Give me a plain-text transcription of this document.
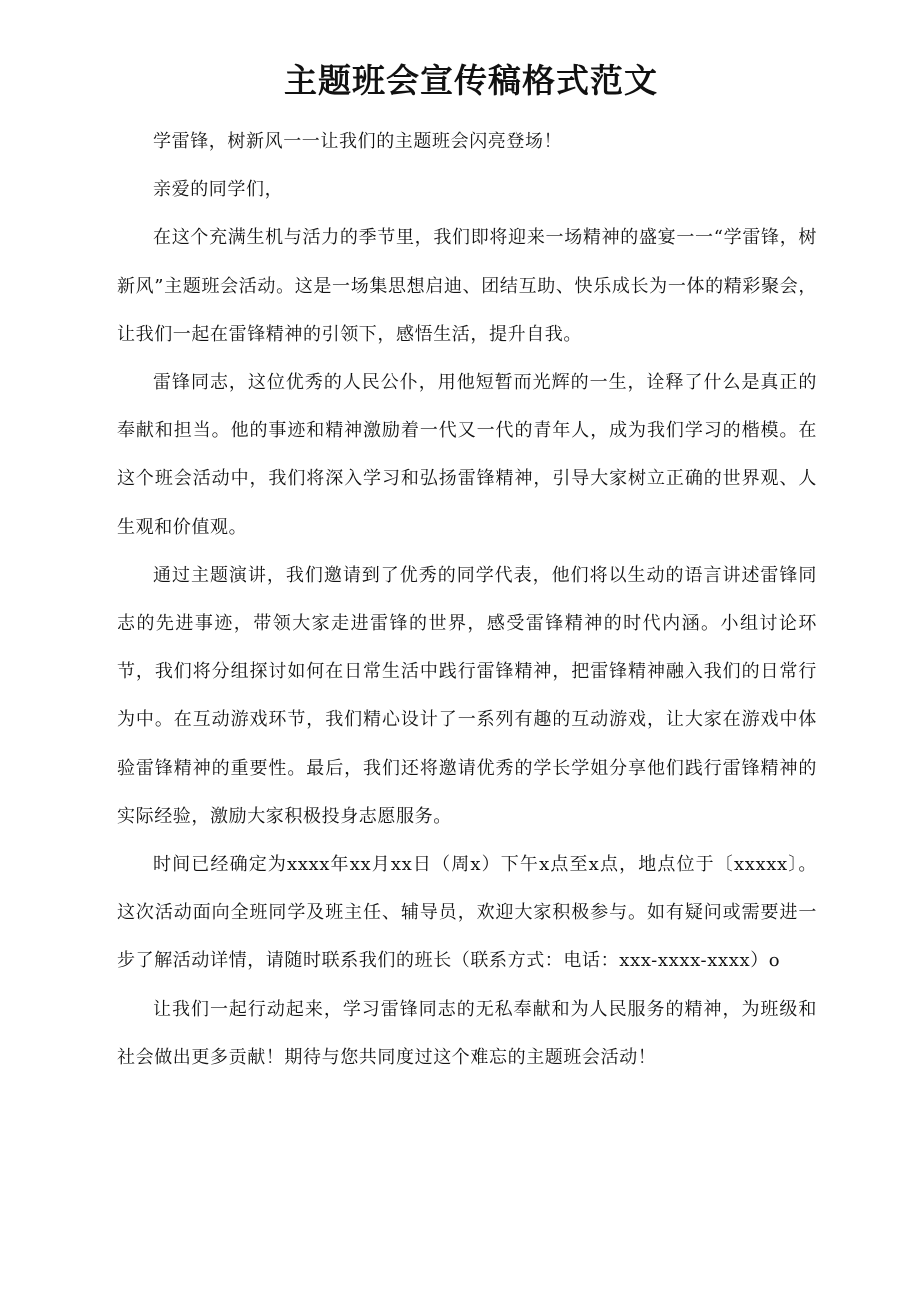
主题班会宣传稿格式范文

学雷锋，树新风一一让我们的主题班会闪亮登场！

亲爱的同学们，

在这个充满生机与活力的季节里，我们即将迎来一场精神的盛宴一一“学雷锋，树新风”主题班会活动。这是一场集思想启迪、团结互助、快乐成长为一体的精彩聚会，让我们一起在雷锋精神的引领下，感悟生活，提升自我。

雷锋同志，这位优秀的人民公仆，用他短暂而光辉的一生，诠释了什么是真正的奉献和担当。他的事迹和精神激励着一代又一代的青年人，成为我们学习的楷模。在这个班会活动中，我们将深入学习和弘扬雷锋精神，引导大家树立正确的世界观、人生观和价值观。

通过主题演讲，我们邀请到了优秀的同学代表，他们将以生动的语言讲述雷锋同志的先进事迹，带领大家走进雷锋的世界，感受雷锋精神的时代内涵。小组讨论环节，我们将分组探讨如何在日常生活中践行雷锋精神，把雷锋精神融入我们的日常行为中。在互动游戏环节，我们精心设计了一系列有趣的互动游戏，让大家在游戏中体验雷锋精神的重要性。最后，我们还将邀请优秀的学长学姐分享他们践行雷锋精神的实际经验，激励大家积极投身志愿服务。

时间已经确定为xxxx年xx月xx日（周x）下午x点至x点，地点位于〔xxxxx〕。这次活动面向全班同学及班主任、辅导员，欢迎大家积极参与。如有疑问或需要进一步了解活动详情，请随时联系我们的班长（联系方式：电话：xxx-xxxx-xxxx）o

让我们一起行动起来，学习雷锋同志的无私奉献和为人民服务的精神，为班级和社会做出更多贡献！期待与您共同度过这个难忘的主题班会活动！
